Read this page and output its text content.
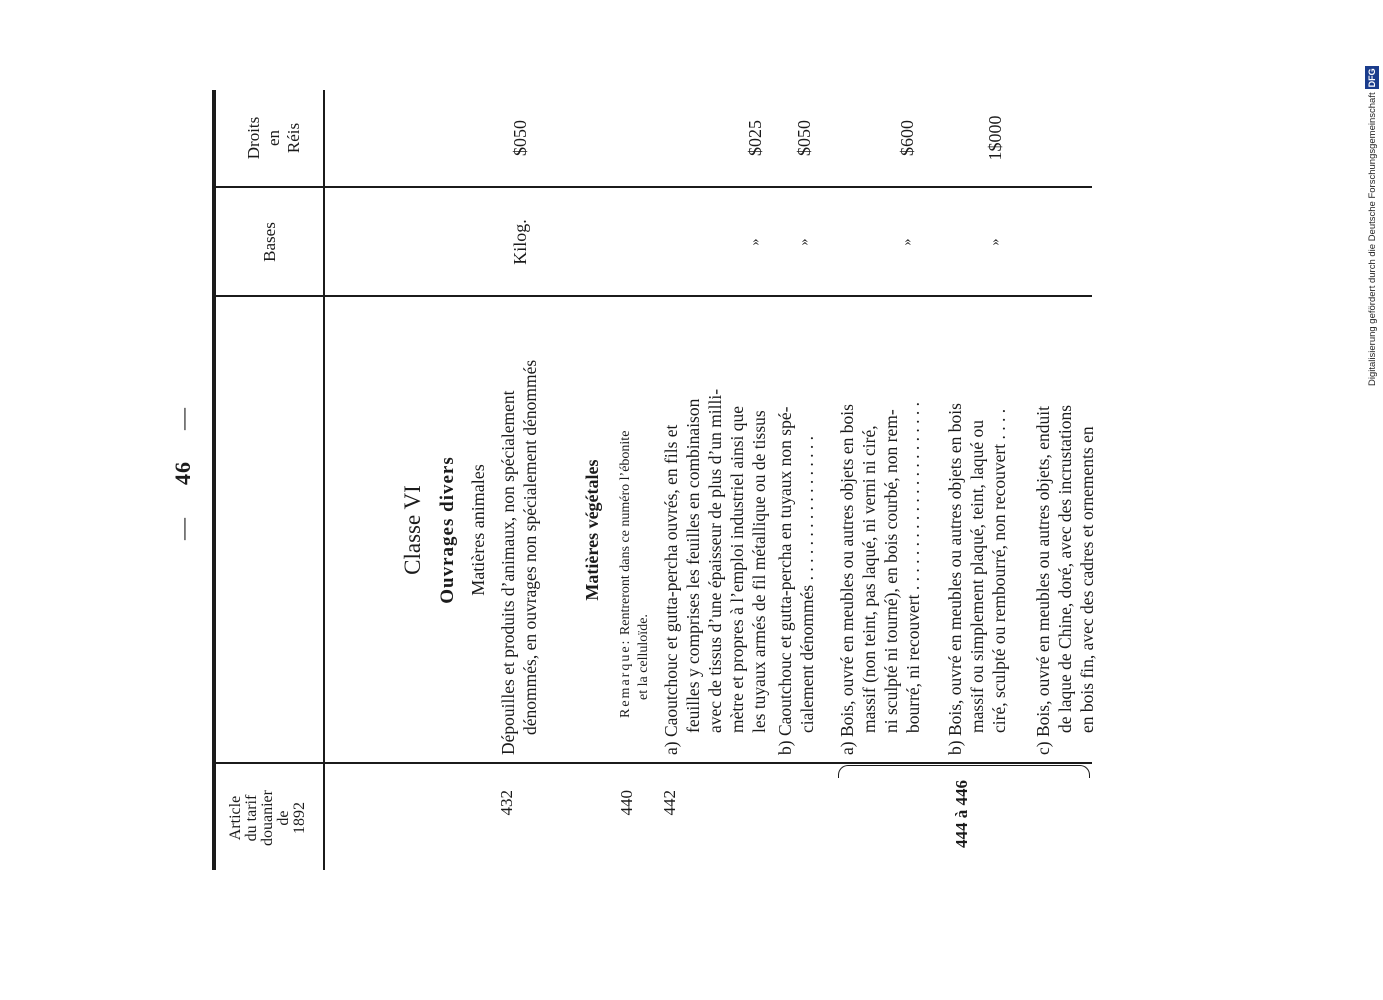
—
46
—
Article du tarif douanier de 1892
Bases
Droits en Réis
Classe VI Ouvrages divers Matières animales
432
Dépouilles et produits d’animaux, non spécialement dénommés, en ouvrages non spécialement dénommés
Kilog.
$050
Matières végétales
440
Remarque: Rentreront dans ce numéro l’ébonite
et la celluloïde.
442
a) Caoutchouc et gutta-percha ouvrés, en fils et feuilles y comprises les feuilles en combinaison avec de tissus d’une épaisseur de plus d’un milli- mètre et propres à l’emploi industriel ainsi que les tuyaux armés de fil métallique ou de tissus
»
$025
b) Caoutchouc et gutta-percha en tuyaux non spé- cialement dénommés . . . . . . . . . . . . . . . . .
»
$050
444 à 446
a) Bois, ouvré en meubles ou autres objets en bois massif (non teint, pas laqué, ni verni ni ciré, ni sculpté ni tourné), en bois courbé, non rem- bourré, ni recouvert . . . . . . . . . . . . . . . . . . . . . .
»
$600
b) Bois, ouvré en meubles ou autres objets en bois massif ou simplement plaqué, teint, laqué ou ciré, sculpté ou rembourré, non recouvert . . . .
»
1$000
c) Bois, ouvré en meubles ou autres objets, enduit de laque de Chine, doré, avec des incrustations en bois fin, avec des cadres et ornements en
Digitalisierung gefördert durch die Deutsche ForschungsgemeinschaftDFG
